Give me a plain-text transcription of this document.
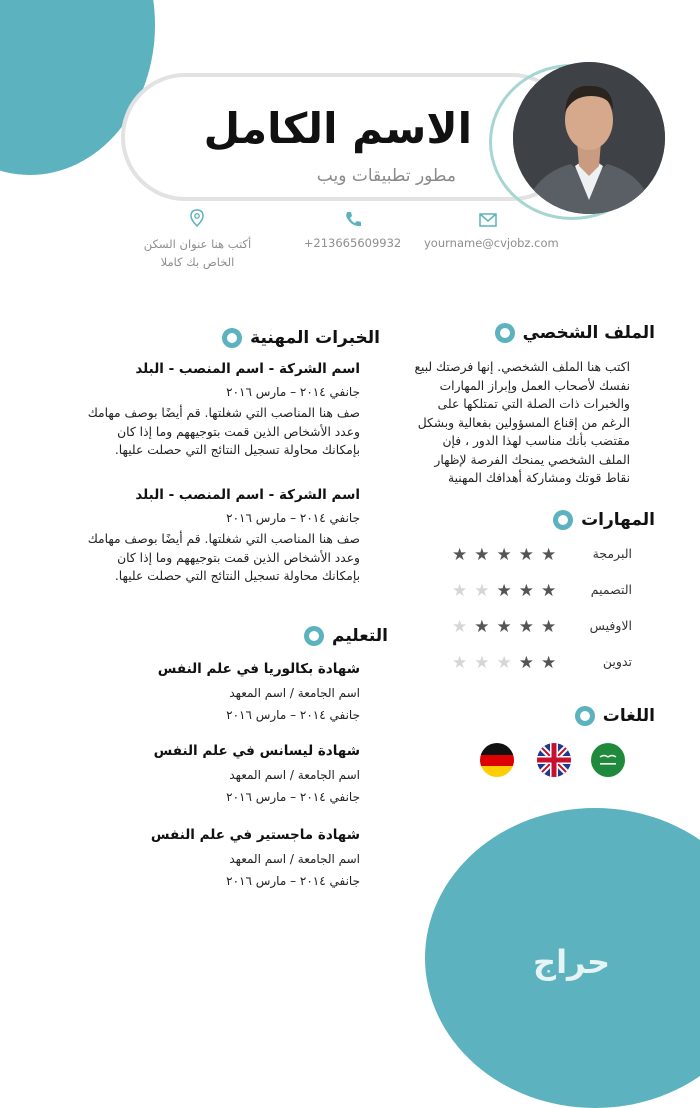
الاسم الكامل
مطور تطبيقات ويب
yourname@cvjobz.com
+213665609932
أكتب هنا عنوان السكن
الخاص بك كاملا
الملف الشخصي
اكتب هنا الملف الشخصي. إنها فرصتك لبيع نفسك لأصحاب العمل وإبراز المهارات والخبرات ذات الصلة التي تمتلكها على الرغم من إقناع المسؤولين بفعالية وبشكل مقتضب بأنك مناسب لهذا الدور ، فإن الملف الشخصي يمنحك الفرصة لإظهار نقاط قوتك ومشاركة أهدافك المهنية
المهارات
البرمجة
★ ★ ★ ★ ★
التصميم
★ ★ ★ ★ ★
الاوفيس
★ ★ ★ ★ ★
تدوين
★ ★ ★ ★ ★
اللغات
الخبرات المهنية
اسم الشركة - اسم المنصب - البلد
جانفي ٢٠١٤ – مارس ٢٠١٦
صف هنا المناصب التي شغلتها. قم أيضًا بوصف مهامك وعدد الأشخاص الذين قمت بتوجيههم وما إذا كان بإمكانك محاولة تسجيل النتائج التي حصلت عليها.
اسم الشركة - اسم المنصب - البلد
جانفي ٢٠١٤ – مارس ٢٠١٦
صف هنا المناصب التي شغلتها. قم أيضًا بوصف مهامك وعدد الأشخاص الذين قمت بتوجيههم وما إذا كان بإمكانك محاولة تسجيل النتائج التي حصلت عليها.
التعليم
شهادة بكالوريا في علم النفس
اسم الجامعة / اسم المعهد
جانفي ٢٠١٤ – مارس ٢٠١٦
شهادة ليسانس في علم النفس
اسم الجامعة / اسم المعهد
جانفي ٢٠١٤ – مارس ٢٠١٦
شهادة ماجستير في علم النفس
اسم الجامعة / اسم المعهد
جانفي ٢٠١٤ – مارس ٢٠١٦
حراج
